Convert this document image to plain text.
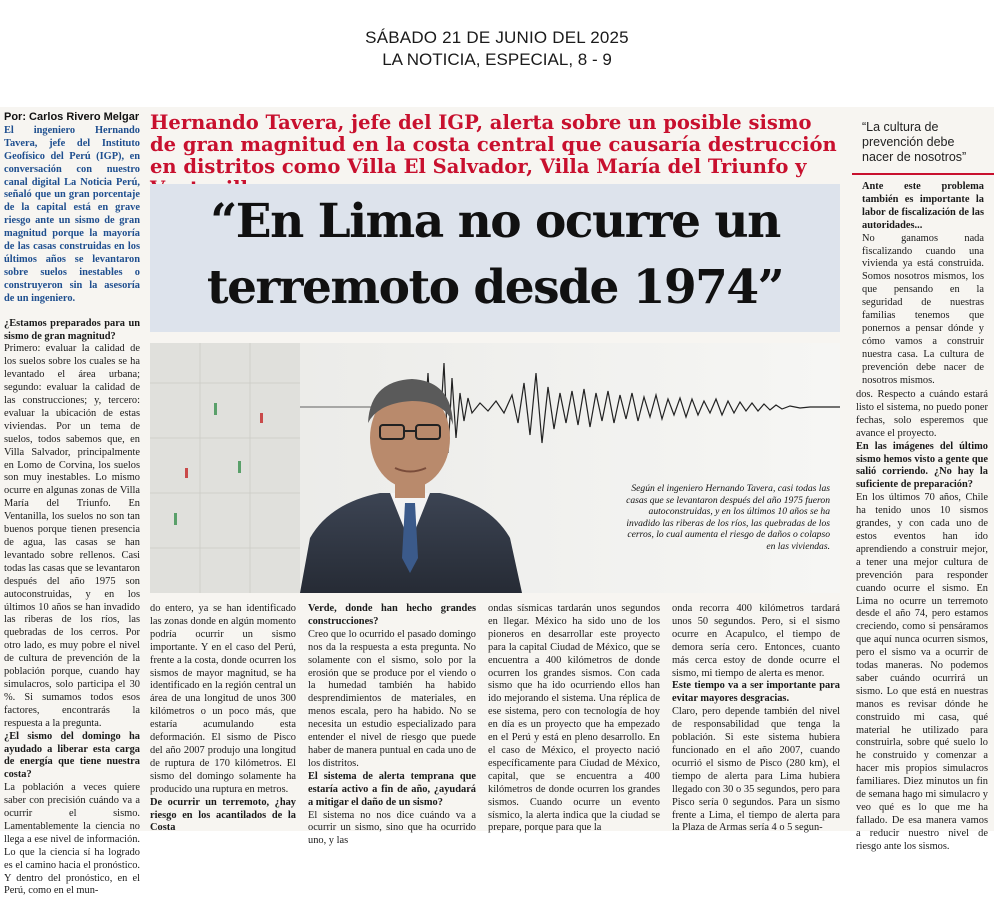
SÁBADO 21 DE JUNIO DEL 2025
LA NOTICIA, ESPECIAL, 8 - 9
Por: Carlos Rivero Melgar

El ingeniero Hernando Tavera, jefe del Instituto Geofísico del Perú (IGP), en conversación con nuestro canal digital La Noticia Perú, señaló que un gran porcentaje de la capital está en grave riesgo ante un sismo de gran magnitud porque la mayoría de las casas construidas en los últimos años se levantaron sobre suelos inestables o construyeron sin la asesoría de un ingeniero.

¿Estamos preparados para un sismo de gran magnitud?

Primero: evaluar la calidad de los suelos sobre los cuales se ha levantado el área urbana; segundo: evaluar la calidad de las construcciones; y, tercero: evaluar la ubicación de estas viviendas. Por un tema de suelos, todos sabemos que, en Villa Salvador, principalmente en Lomo de Corvina, los suelos son muy inestables. Lo mismo ocurre en algunas zonas de Villa María del Triunfo. En Ventanilla, los suelos no son tan buenos porque tienen presencia de agua, las casas se han levantado sobre rellenos. Casi todas las casas que se levantaron después del año 1975 son autoconstruidas, y en los últimos 10 años se han invadido las riberas de los ríos, las quebradas de los cerros. Por otro lado, es muy pobre el nivel de cultura de prevención de la población porque, cuando hay simulacros, solo participa el 30 %. Si sumamos todos esos factores, encontrarás la respuesta a la pregunta.

¿El sismo del domingo ha ayudado a liberar esta carga de energía que tiene nuestra costa?

La población a veces quiere saber con precisión cuándo va a ocurrir el sismo. Lamentablemente la ciencia no llega a ese nivel de información. Lo que la ciencia sí ha logrado es el camino hacia el pronóstico. Y dentro del pronóstico, en el Perú, como en el mun-

Hernando Tavera, jefe del IGP, alerta sobre un posible sismo de gran magnitud en la costa central que causaría destrucción en distritos como Villa El Salvador, Villa María del Triunfo y
“En Lima no ocurre un
terremoto desde 1974”
Según el ingeniero Hernando Tavera, casi todas las casas que se levantaron después del año 1975 fueron autoconstruidas, y en los últimos 10 años se ha invadido las riberas de los ríos, las quebradas de los cerros, lo cual aumenta el riesgo de daños o colapso en las viviendas.
“La cultura de prevención debe nacer de nosotros”

Ante este problema también es importante la labor de fiscalización de las autoridades...

No ganamos nada fiscalizando cuando una vivienda ya está construida. Somos nosotros mismos, los que pensando en la seguridad de nuestras familias tenemos que ponernos a pensar dónde y cómo vamos a construir nuestra casa. La cultura de prevención debe nacer de nosotros mismos.

dos. Respecto a cuándo estará listo el sistema, no puedo poner fechas, solo esperemos que avance el proyecto.

En las imágenes del último sismo hemos visto a gente que salió corriendo. ¿No hay la suficiente de preparación?

En los últimos 70 años, Chile ha tenido unos 10 sismos grandes, y con cada uno de estos eventos han ido aprendiendo a construir mejor, a tener una mejor cultura de prevención para responder cuando ocurre el sismo. En Lima no ocurre un terremoto desde el año 74, pero estamos creciendo, como si pensáramos que aquí nunca ocurren sismos, pero el sismo va a ocurrir de todas maneras. No podemos saber cuándo ocurrirá un sismo. Lo que está en nuestras manos es revisar dónde he construido mi casa, qué material he utilizado para construirla, sobre qué suelo lo he construido y comenzar a hacer mis propios simulacros familiares. Diez minutos un fin de semana hago mi simulacro y veo qué es lo que me ha fallado. De esa manera vamos a reducir nuestro nivel de riesgo ante los sismos.

do entero, ya se han identificado las zonas donde en algún momento podría ocurrir un sismo importante. Y en el caso del Perú, frente a la costa, donde ocurren los sismos de mayor magnitud, se ha identificado en la región central un área de una longitud de unos 300 kilómetros o un poco más, que estaría acumulando esta deformación. El sismo de Pisco del año 2007 produjo una longitud de ruptura de 170 kilómetros. El sismo del domingo solamente ha producido una ruptura en metros.

De ocurrir un terremoto, ¿hay riesgo en los acantilados de la Costa

Verde, donde han hecho grandes construcciones?

Creo que lo ocurrido el pasado domingo nos da la respuesta a esta pregunta. No solamente con el sismo, solo por la erosión que se produce por el viendo o la humedad también ha habido desprendimientos de materiales, en menos escala, pero ha habido. No se necesita un estudio especializado para entender el nivel de riesgo que puede haber de manera puntual en cada uno de los distritos.

El sistema de alerta temprana que estaría activo a fin de año, ¿ayudará a mitigar el daño de un sismo?

El sistema no nos dice cuándo va a ocurrir un sismo, sino que ha ocurrido uno, y las

ondas sísmicas tardarán unos segundos en llegar. México ha sido uno de los pioneros en desarrollar este proyecto para la capital Ciudad de México, que se encuentra a 400 kilómetros de donde ocurren los grandes sismos. Con cada sismo que ha ido ocurriendo ellos han ido mejorando el sistema. Una réplica de ese sistema, pero con tecnología de hoy en día es un proyecto que ha empezado en el Perú y está en pleno desarrollo. En el caso de México, el proyecto nació específicamente para Ciudad de México, capital, que se encuentra a 400 kilómetros de donde ocurren los grandes sismos. Cuando ocurre un evento sísmico, la alerta indica que la ciudad se prepare, porque para que la

onda recorra 400 kilómetros tardará unos 50 segundos. Pero, si el sismo ocurre en Acapulco, el tiempo de demora sería cero. Entonces, cuanto más cerca estoy de donde ocurre el sismo, mi tiempo de alerta es menor.

Este tiempo va a ser importante para evitar mayores desgracias.

Claro, pero depende también del nivel de responsabilidad que tenga la población. Si este sistema hubiera funcionado en el año 2007, cuando ocurrió el sismo de Pisco (280 km), el tiempo de alerta para Lima hubiera llegado con 30 o 35 segundos, pero para Pisco sería 0 segundos. Para un sismo frente a Lima, el tiempo de alerta para la Plaza de Armas sería 4 o 5 segun-
